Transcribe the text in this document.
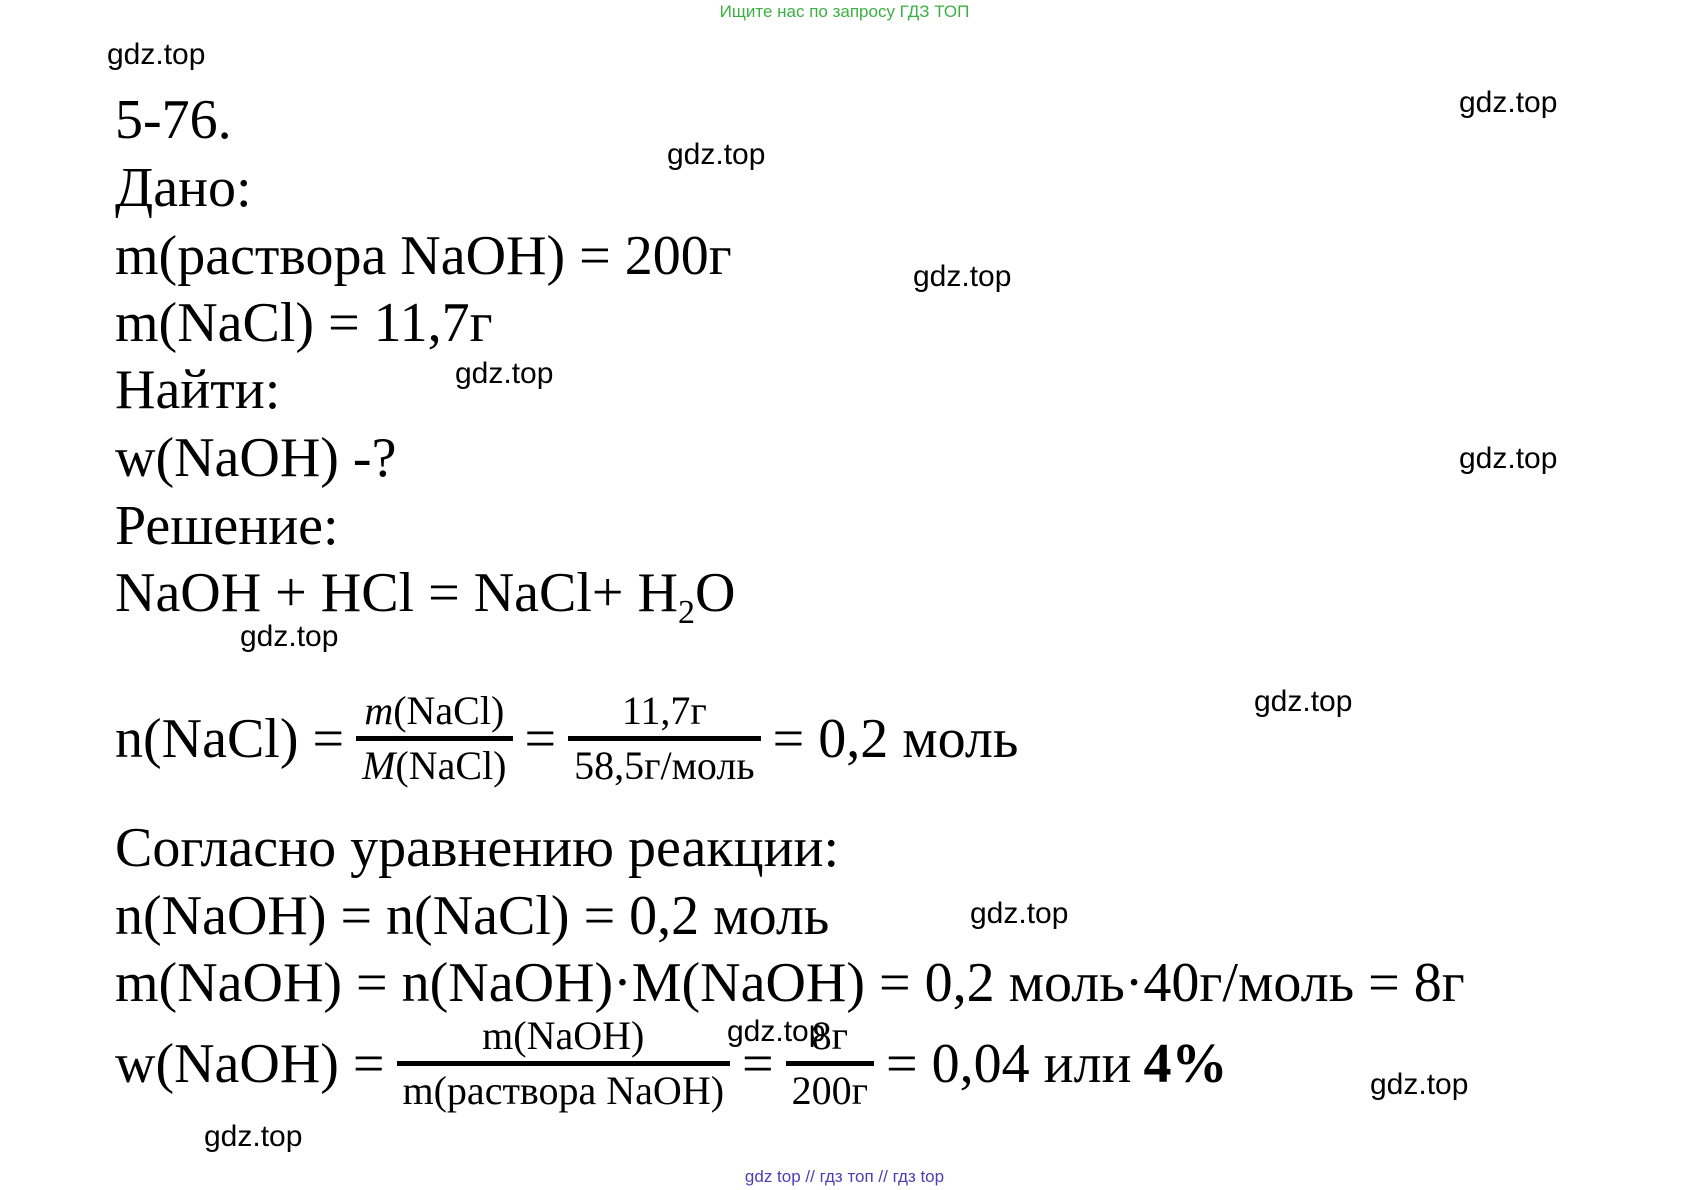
Ищите нас по запросу ГДЗ ТОП
gdz.top
gdz.top
gdz.top
gdz.top
gdz.top
gdz.top
gdz.top
gdz.top
gdz.top
gdz.top
gdz.top
gdz.top
5-76.
Дано:
m(раствора NaOH) = 200г
m(NaCl) = 11,7г
Найти:
w(NaOH) -?
Решение:
NaOH + HCl = NaCl+ $H_2O$
n(NaCl) = m(NaCl)
M(NaCl) = 11,7г
58,5г/моль = 0,2 моль
Согласно уравнению реакции:
n(NaOH) = n(NaCl) = 0,2 моль
m(NaOH) = n(NaOH)·M(NaOH) = 0,2 моль·40г/моль = 8г
w(NaOH) = m(NaOH)
m(раствора NaOH) = 8г
200г = 0,04 или 4%
gdz top // гдз топ // гдз top
